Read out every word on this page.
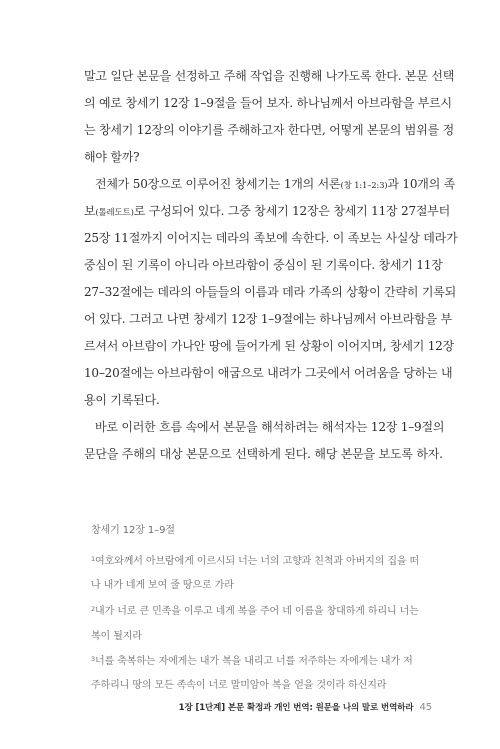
말고 일단 본문을 선정하고 주해 작업을 진행해 나가도록 한다. 본문 선택
의 예로 창세기 12장 1–9절을 들어 보자. 하나님께서 아브라함을 부르시
는 창세기 12장의 이야기를 주해하고자 한다면, 어떻게 본문의 범위를 정
해야 할까?
전체가 50장으로 이루어진 창세기는 1개의 서론(창 1:1–2:3)과 10개의 족
보(톨레도트)로 구성되어 있다. 그중 창세기 12장은 창세기 11장 27절부터
25장 11절까지 이어지는 데라의 족보에 속한다. 이 족보는 사실상 데라가
중심이 된 기록이 아니라 아브라함이 중심이 된 기록이다. 창세기 11장
27–32절에는 데라의 아들들의 이름과 데라 가족의 상황이 간략히 기록되
어 있다. 그러고 나면 창세기 12장 1–9절에는 하나님께서 아브라함을 부
르셔서 아브람이 가나안 땅에 들어가게 된 상황이 이어지며, 창세기 12장
10–20절에는 아브라함이 애굽으로 내려가 그곳에서 어려움을 당하는 내
용이 기록된다.
바로 이러한 흐름 속에서 본문을 해석하려는 해석자는 12장 1–9절의
문단을 주해의 대상 본문으로 선택하게 된다. 해당 본문을 보도록 하자.
창세기 12장 1–9절
$^1$여호와께서 아브람에게 이르시되 너는 너의 고향과 친척과 아버지의 집을 떠
나 내가 네게 보여 줄 땅으로 가라
$^2$내가 너로 큰 민족을 이루고 네게 복을 주어 네 이름을 창대하게 하리니 너는
복이 될지라
$^3$너를 축복하는 자에게는 내가 복을 내리고 너를 저주하는 자에게는 내가 저
주하리니 땅의 모든 족속이 너로 말미암아 복을 얻을 것이라 하신지라
1장 [1단계] 본문 확정과 개인 번역: 원문을 나의 말로 번역하라 45
